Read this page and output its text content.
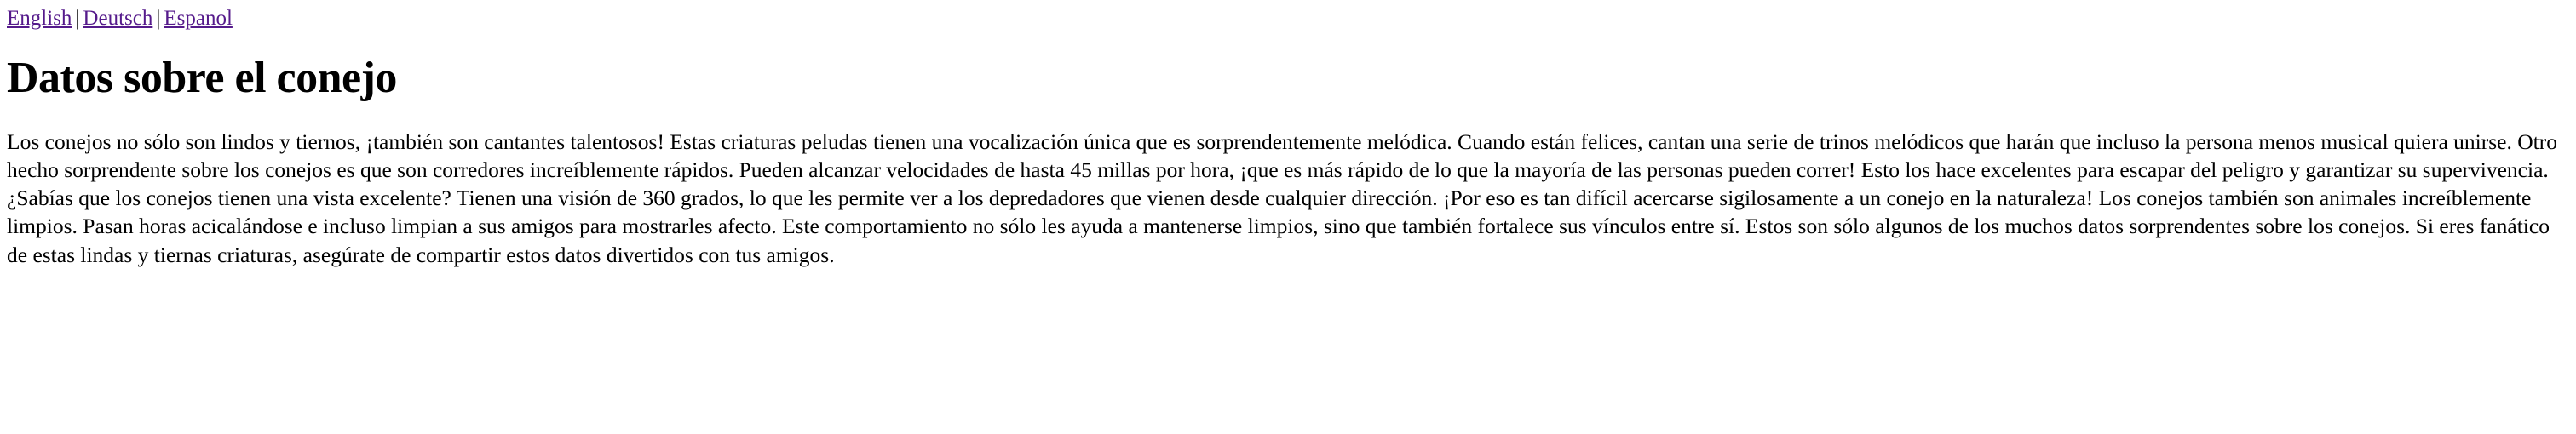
English | Deutsch | Espanol
Datos sobre el conejo

Los conejos no sólo son lindos y tiernos, ¡también son cantantes talentosos! Estas criaturas peludas tienen una vocalización única que es sorprendentemente melódica. Cuando están felices, cantan una serie de trinos melódicos que harán que incluso la persona menos musical quiera unirse. Otro hecho sorprendente sobre los conejos es que son corredores increíblemente rápidos. Pueden alcanzar velocidades de hasta 45 millas por hora, ¡que es más rápido de lo que la mayoría de las personas pueden correr! Esto los hace excelentes para escapar del peligro y garantizar su supervivencia. ¿Sabías que los conejos tienen una vista excelente? Tienen una visión de 360 grados, lo que les permite ver a los depredadores que vienen desde cualquier dirección. ¡Por eso es tan difícil acercarse sigilosamente a un conejo en la naturaleza! Los conejos también son animales increíblemente limpios. Pasan horas acicalándose e incluso limpian a sus amigos para mostrarles afecto. Este comportamiento no sólo les ayuda a mantenerse limpios, sino que también fortalece sus vínculos entre sí. Estos son sólo algunos de los muchos datos sorprendentes sobre los conejos. Si eres fanático de estas lindas y tiernas criaturas, asegúrate de compartir estos datos divertidos con tus amigos.
